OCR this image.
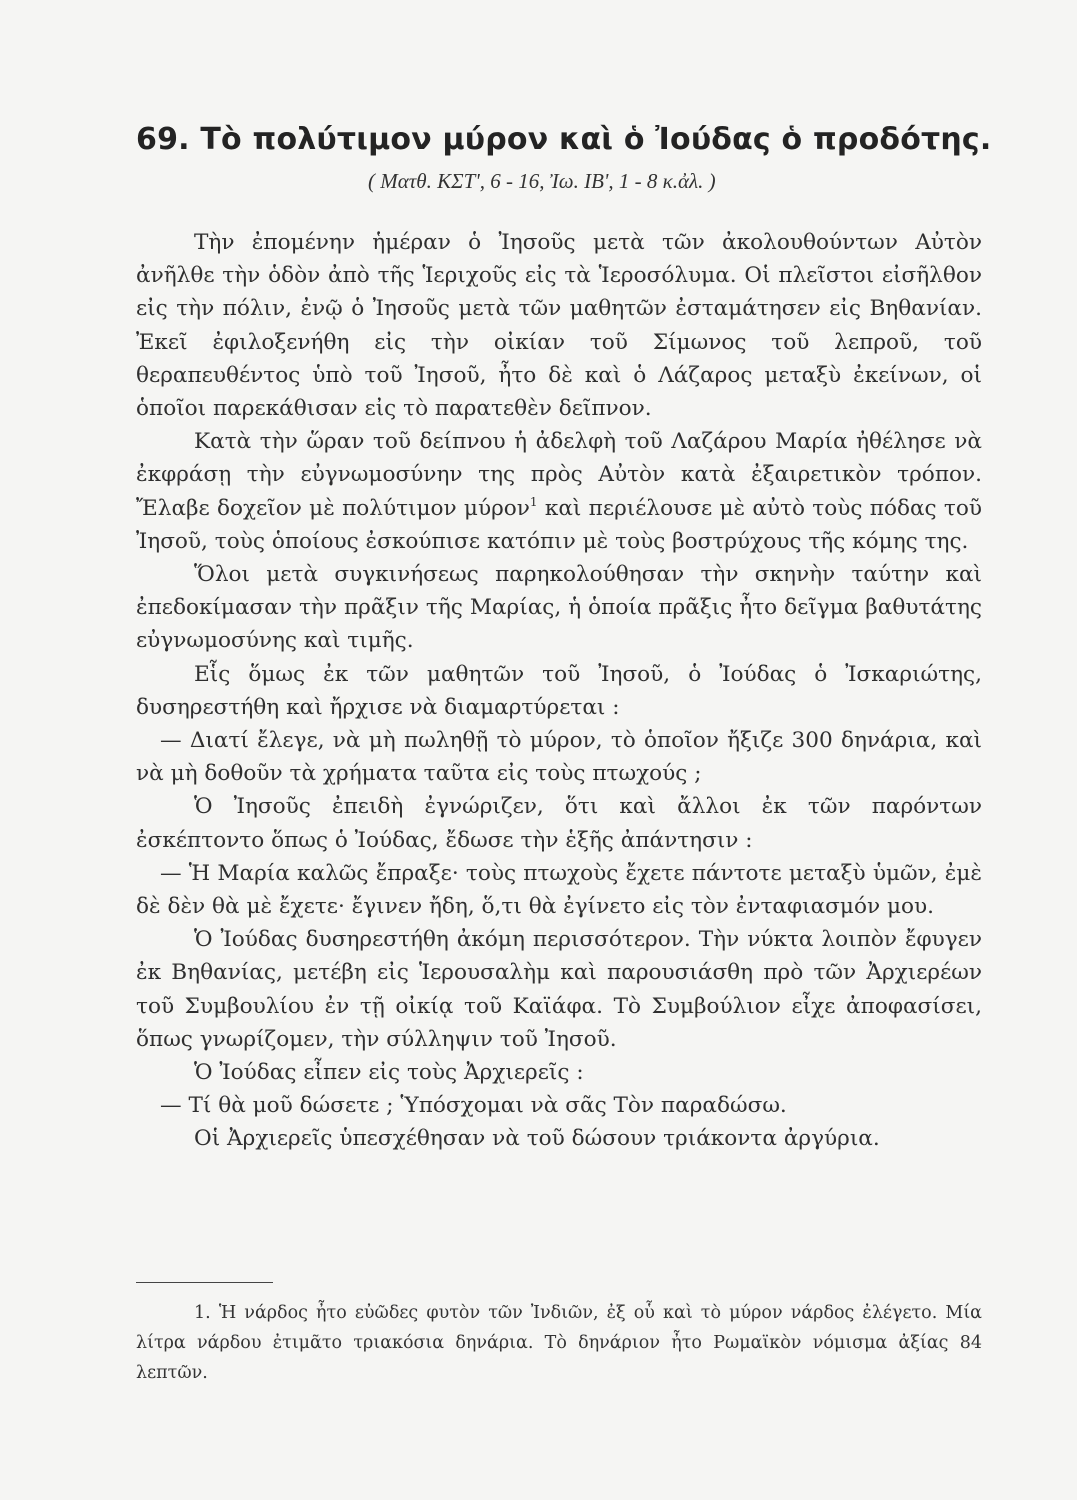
69. Τὸ πολύτιμον μύρον καὶ ὁ Ἰούδας ὁ προδότης.
( Ματθ. ΚΣΤ', 6 - 16, Ἰω. ΙΒ', 1 - 8 κ.ἀλ. )

Τὴν ἐπομένην ἡμέραν ὁ Ἰησοῦς μετὰ τῶν ἀκολουθούντων Αὐτὸν ἀνῆλθε τὴν ὁδὸν ἀπὸ τῆς Ἱεριχοῦς εἰς τὰ Ἱεροσόλυμα. Οἱ πλεῖστοι εἰσῆλθον εἰς τὴν πόλιν, ἐνῷ ὁ Ἰησοῦς μετὰ τῶν μαθητῶν ἐσταμάτησεν εἰς Βηθανίαν. Ἐκεῖ ἐφιλοξενήθη εἰς τὴν οἰκίαν τοῦ Σίμωνος τοῦ λεπροῦ, τοῦ θεραπευθέντος ὑπὸ τοῦ Ἰησοῦ, ἦτο δὲ καὶ ὁ Λάζαρος μεταξὺ ἐκείνων, οἱ ὁποῖοι παρεκάθισαν εἰς τὸ παρατεθὲν δεῖπνον.

Κατὰ τὴν ὥραν τοῦ δείπνου ἡ ἀδελφὴ τοῦ Λαζάρου Μαρία ἠθέλησε νὰ ἐκφράσῃ τὴν εὐγνωμοσύνην της πρὸς Αὐτὸν κατὰ ἐξαιρετικὸν τρόπον. Ἔλαβε δοχεῖον μὲ πολύτιμον μύρον$^1$ καὶ περιέλουσε μὲ αὐτὸ τοὺς πόδας τοῦ Ἰησοῦ, τοὺς ὁποίους ἐσκούπισε κατόπιν μὲ τοὺς βοστρύχους τῆς κόμης της.

Ὅλοι μετὰ συγκινήσεως παρηκολούθησαν τὴν σκηνὴν ταύτην καὶ ἐπεδοκίμασαν τὴν πρᾶξιν τῆς Μαρίας, ἡ ὁποία πρᾶξις ἦτο δεῖγμα βαθυτάτης εὐγνωμοσύνης καὶ τιμῆς.

Εἷς ὅμως ἐκ τῶν μαθητῶν τοῦ Ἰησοῦ, ὁ Ἰούδας ὁ Ἰσκαριώτης, δυσηρεστήθη καὶ ἤρχισε νὰ διαμαρτύρεται :

— Διατί ἔλεγε, νὰ μὴ πωληθῇ τὸ μύρον, τὸ ὁποῖον ἤξιζε 300 δηνάρια, καὶ νὰ μὴ δοθοῦν τὰ χρήματα ταῦτα εἰς τοὺς πτωχούς ;

Ὁ Ἰησοῦς ἐπειδὴ ἐγνώριζεν, ὅτι καὶ ἄλλοι ἐκ τῶν παρόντων ἐσκέπτοντο ὅπως ὁ Ἰούδας, ἔδωσε τὴν ἑξῆς ἀπάντησιν :

— Ἡ Μαρία καλῶς ἔπραξε· τοὺς πτωχοὺς ἔχετε πάντοτε μεταξὺ ὑμῶν, ἐμὲ δὲ δὲν θὰ μὲ ἔχετε· ἔγινεν ἤδη, ὅ,τι θὰ ἐγίνετο εἰς τὸν ἐνταφιασμόν μου.

Ὁ Ἰούδας δυσηρεστήθη ἀκόμη περισσότερον. Τὴν νύκτα λοιπὸν ἔφυγεν ἐκ Βηθανίας, μετέβη εἰς Ἱερουσαλὴμ καὶ παρουσιάσθη πρὸ τῶν Ἀρχιερέων τοῦ Συμβουλίου ἐν τῇ οἰκίᾳ τοῦ Καϊάφα. Τὸ Συμβούλιον εἶχε ἀποφασίσει, ὅπως γνωρίζομεν, τὴν σύλληψιν τοῦ Ἰησοῦ.

Ὁ Ἰούδας εἶπεν εἰς τοὺς Ἀρχιερεῖς :

— Τί θὰ μοῦ δώσετε ; Ὑπόσχομαι νὰ σᾶς Τὸν παραδώσω.

Οἱ Ἀρχιερεῖς ὑπεσχέθησαν νὰ τοῦ δώσουν τριάκοντα ἀργύρια.

1. Ἡ νάρδος ἦτο εὐῶδες φυτὸν τῶν Ἰνδιῶν, ἐξ οὗ καὶ τὸ μύρον νάρδος ἐλέγετο. Μία λίτρα νάρδου ἐτιμᾶτο τριακόσια δηνάρια. Τὸ δηνάριον ἦτο Ρωμαϊκὸν νόμισμα ἀξίας 84 λεπτῶν.
